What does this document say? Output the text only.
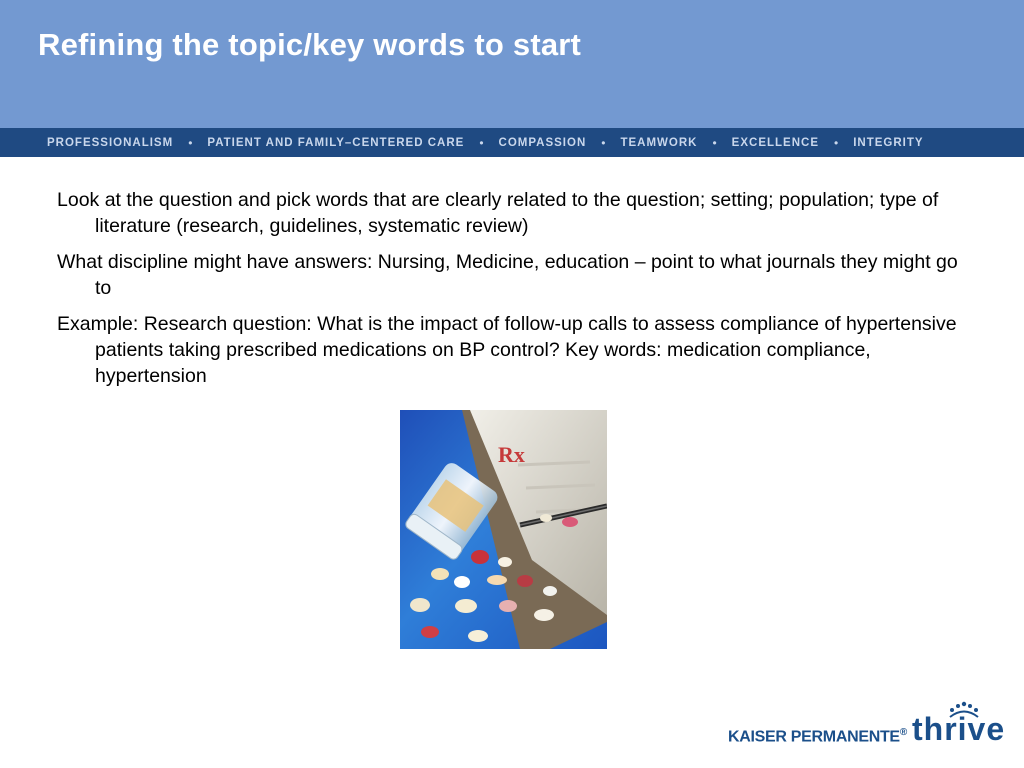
Refining the topic/key words to start
PROFESSIONALISM • PATIENT AND FAMILY–CENTERED CARE • COMPASSION • TEAMWORK • EXCELLENCE • INTEGRITY

Look at the question and pick words that are clearly related to the question; setting; population; type of literature (research, guidelines, systematic review)

What discipline might have answers: Nursing, Medicine, education – point to what journals they might go to

Example: Research question: What is the impact of follow-up calls to assess compliance of hypertensive patients taking prescribed medications on BP control? Key words: medication compliance, hypertension

Rx
KAISER PERMANENTE® thrive
